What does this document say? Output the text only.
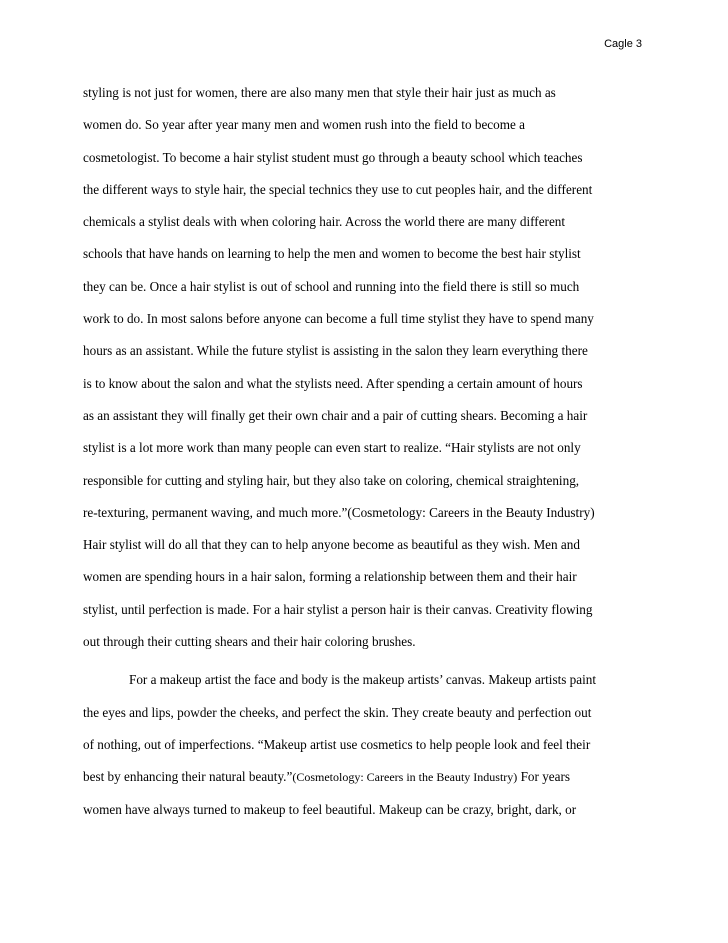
Cagle 3
styling is not just for women, there are also many men that style their hair just as much as
women do. So year after year many men and women rush into the field to become a
cosmetologist. To become a hair stylist student must go through a beauty school which teaches
the different ways to style hair, the special technics they use to cut peoples hair, and the different
chemicals a stylist deals with when coloring hair. Across the world there are many different
schools that have hands on learning to help the men and women to become the best hair stylist
they can be. Once a hair stylist is out of school and running into the field there is still so much
work to do. In most salons before anyone can become a full time stylist they have to spend many
hours as an assistant. While the future stylist is assisting in the salon they learn everything there
is to know about the salon and what the stylists need. After spending a certain amount of hours
as an assistant they will finally get their own chair and a pair of cutting shears. Becoming a hair
stylist is a lot more work than many people can even start to realize. “Hair stylists are not only
responsible for cutting and styling hair, but they also take on coloring, chemical straightening,
re-texturing, permanent waving, and much more.”(Cosmetology: Careers in the Beauty Industry)
Hair stylist will do all that they can to help anyone become as beautiful as they wish. Men and
women are spending hours in a hair salon, forming a relationship between them and their hair
stylist, until perfection is made. For a hair stylist a person hair is their canvas. Creativity flowing
out through their cutting shears and their hair coloring brushes.
For a makeup artist the face and body is the makeup artists’ canvas. Makeup artists paint
the eyes and lips, powder the cheeks, and perfect the skin. They create beauty and perfection out
of nothing, out of imperfections. “Makeup artist use cosmetics to help people look and feel their
best by enhancing their natural beauty.”(Cosmetology: Careers in the Beauty Industry) For years
women have always turned to makeup to feel beautiful. Makeup can be crazy, bright, dark, or
